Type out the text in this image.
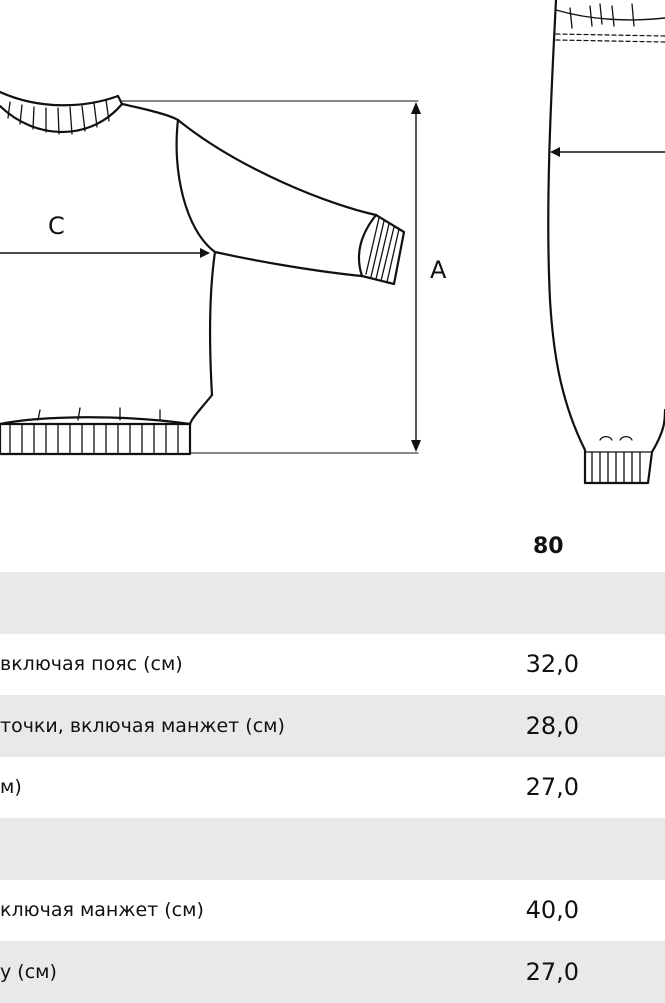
C
A
80
включая пояс (см)	32,0
точки, включая манжет (см)	28,0
м)	27,0
ключая манжет (см)	40,0
у (см)	27,0
